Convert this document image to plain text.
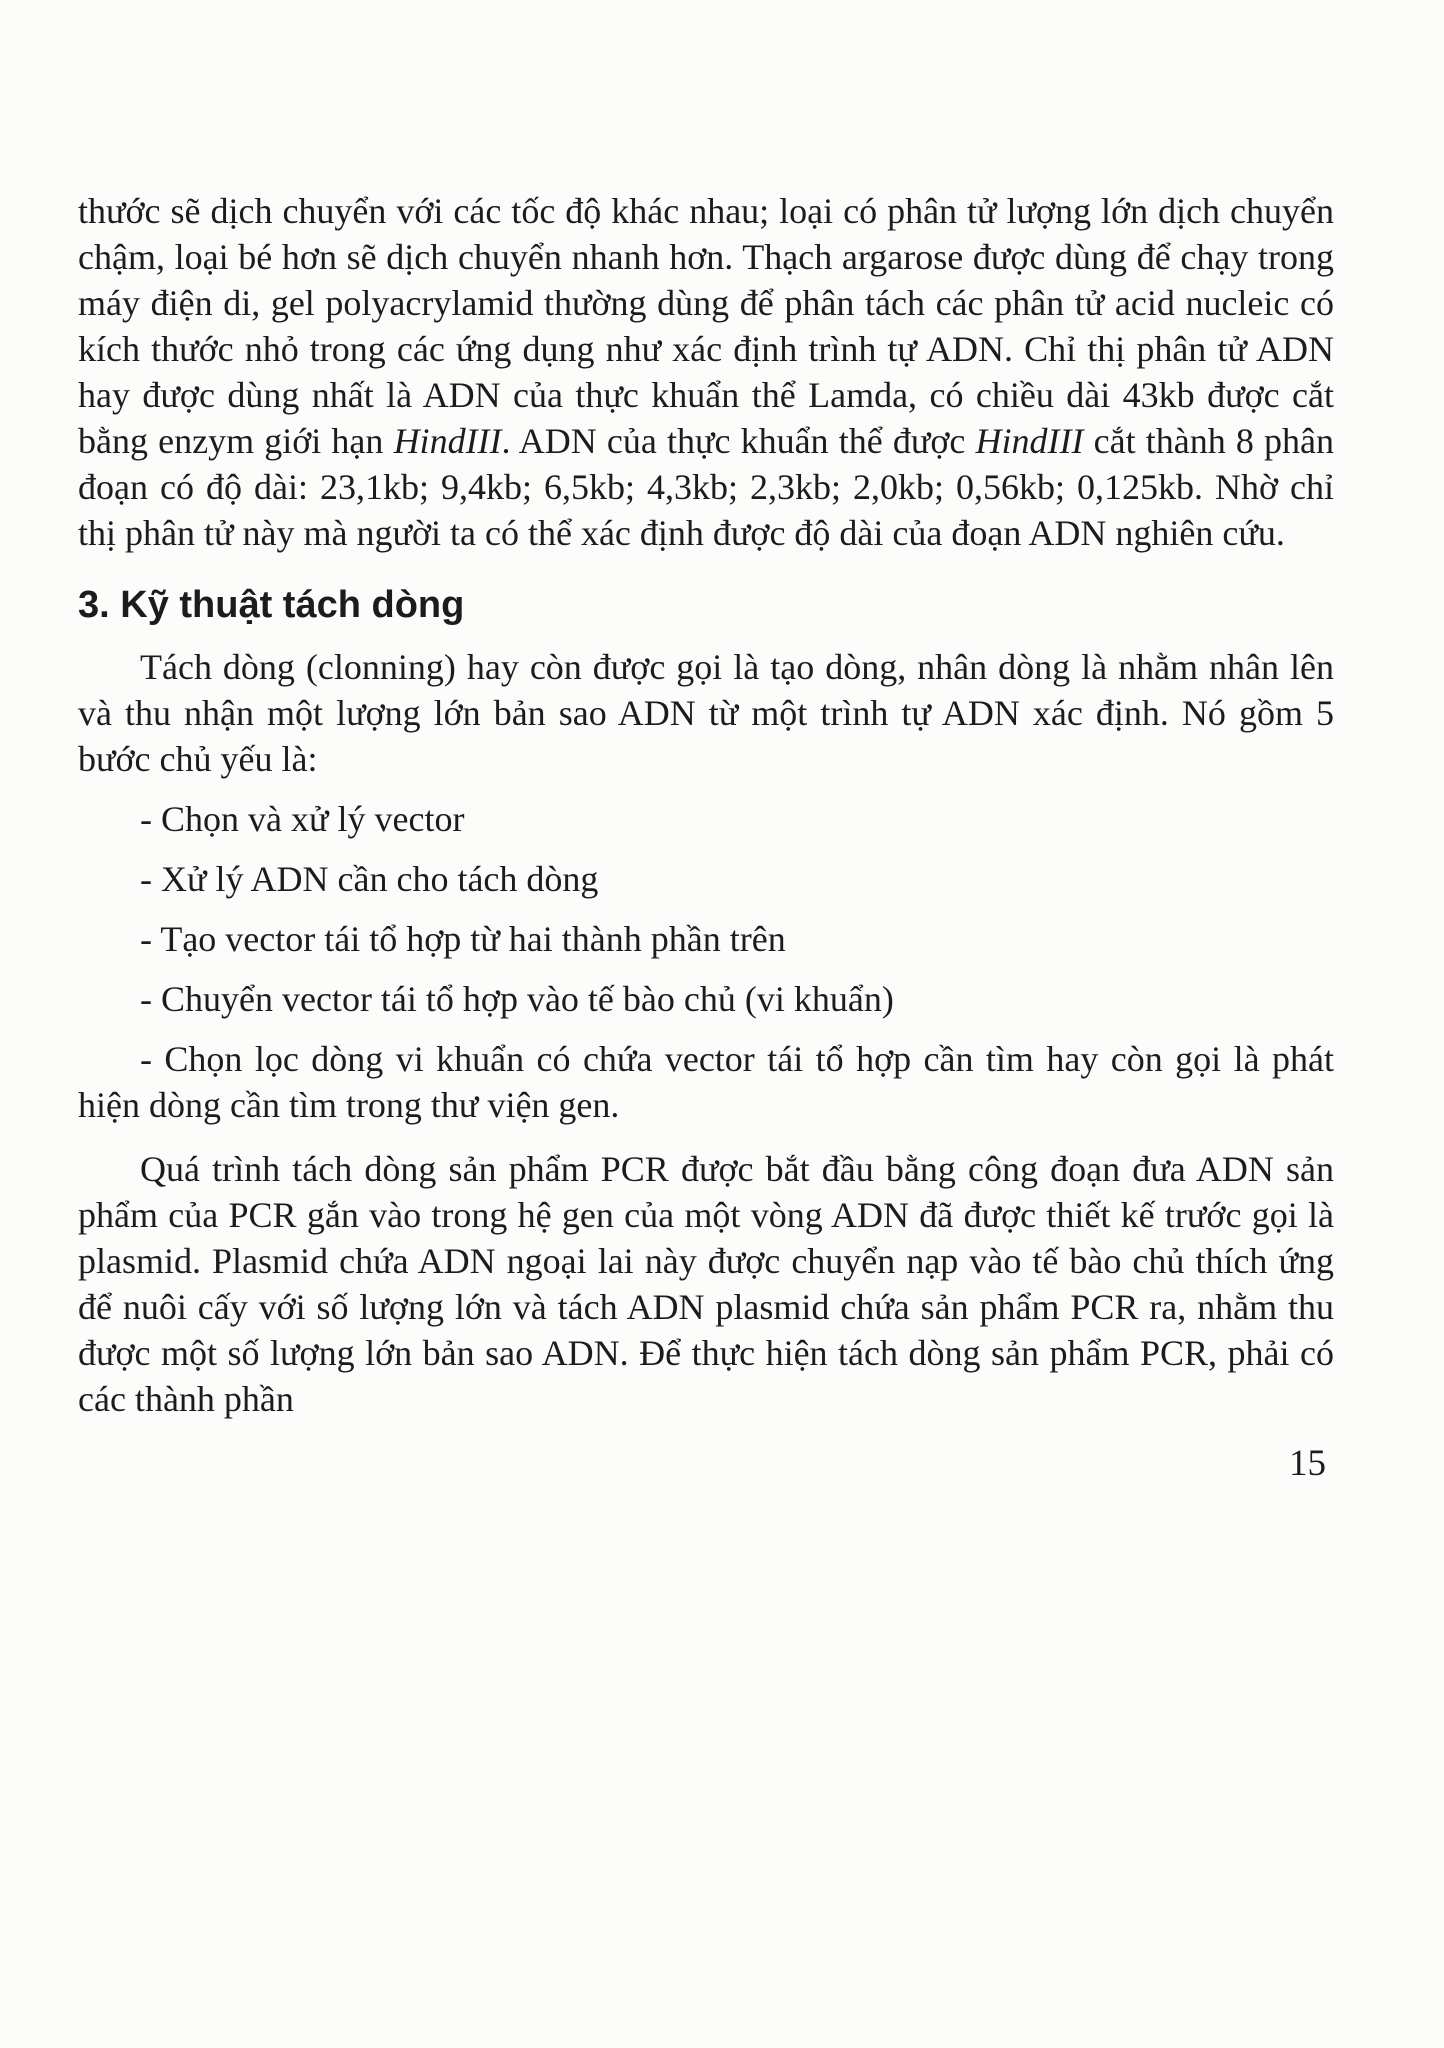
thước sẽ dịch chuyển với các tốc độ khác nhau; loại có phân tử lượng lớn dịch chuyển chậm, loại bé hơn sẽ dịch chuyển nhanh hơn. Thạch argarose được dùng để chạy trong máy điện di, gel polyacrylamid thường dùng để phân tách các phân tử acid nucleic có kích thước nhỏ trong các ứng dụng như xác định trình tự ADN. Chỉ thị phân tử ADN hay được dùng nhất là ADN của thực khuẩn thể Lamda, có chiều dài 43kb được cắt bằng enzym giới hạn HindIII. ADN của thực khuẩn thể được HindIII cắt thành 8 phân đoạn có độ dài: 23,1kb; 9,4kb; 6,5kb; 4,3kb; 2,3kb; 2,0kb; 0,56kb; 0,125kb. Nhờ chỉ thị phân tử này mà người ta có thể xác định được độ dài của đoạn ADN nghiên cứu.

3. Kỹ thuật tách dòng

Tách dòng (clonning) hay còn được gọi là tạo dòng, nhân dòng là nhằm nhân lên và thu nhận một lượng lớn bản sao ADN từ một trình tự ADN xác định. Nó gồm 5 bước chủ yếu là:

- Chọn và xử lý vector

- Xử lý ADN cần cho tách dòng

- Tạo vector tái tổ hợp từ hai thành phần trên

- Chuyển vector tái tổ hợp vào tế bào chủ (vi khuẩn)

- Chọn lọc dòng vi khuẩn có chứa vector tái tổ hợp cần tìm hay còn gọi là phát hiện dòng cần tìm trong thư viện gen.

Quá trình tách dòng sản phẩm PCR được bắt đầu bằng công đoạn đưa ADN sản phẩm của PCR gắn vào trong hệ gen của một vòng ADN đã được thiết kế trước gọi là plasmid. Plasmid chứa ADN ngoại lai này được chuyển nạp vào tế bào chủ thích ứng để nuôi cấy với số lượng lớn và tách ADN plasmid chứa sản phẩm PCR ra, nhằm thu được một số lượng lớn bản sao ADN. Để thực hiện tách dòng sản phẩm PCR, phải có các thành phần

15
